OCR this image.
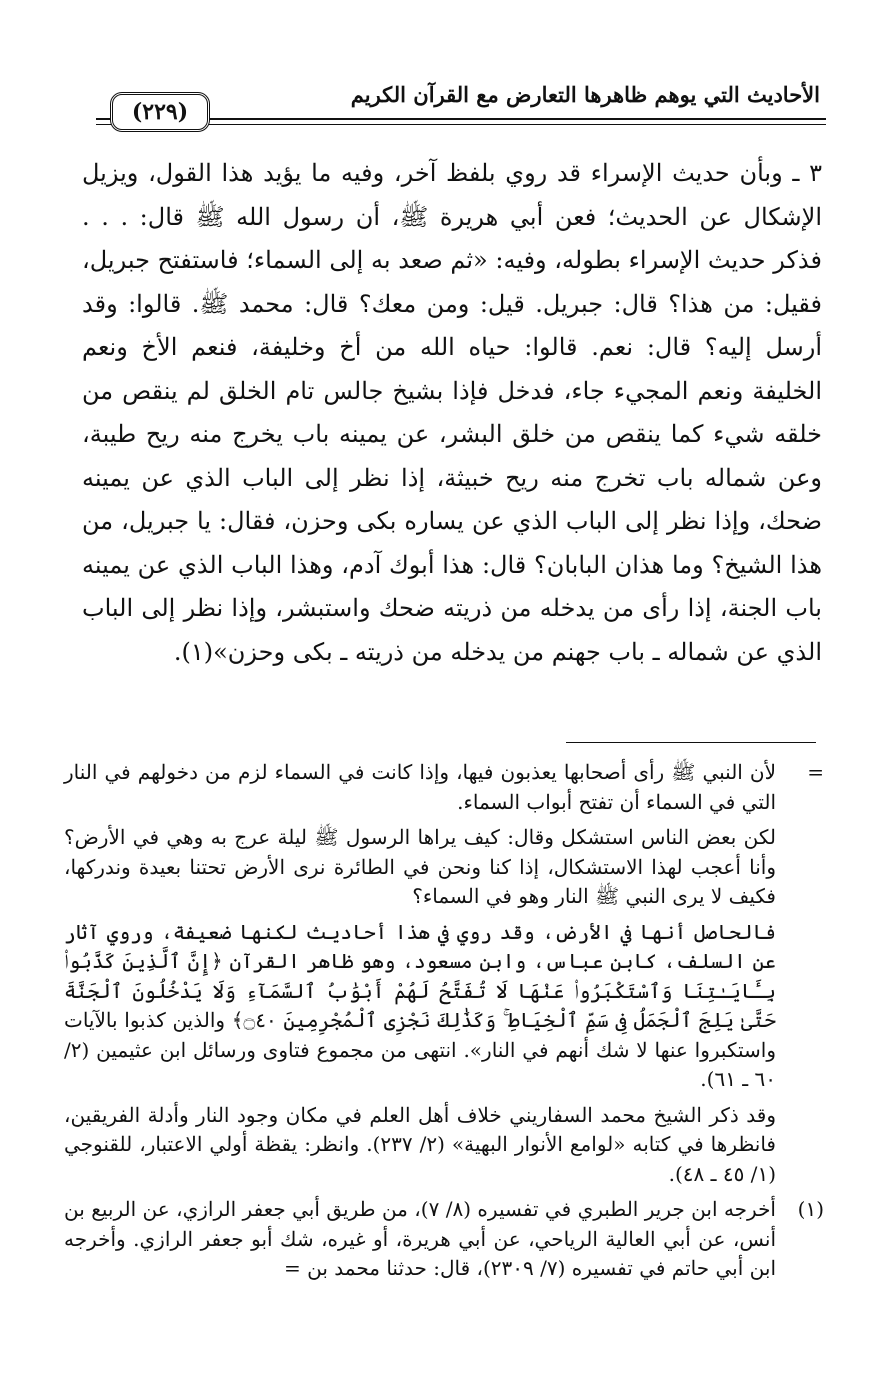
(٢٢٩)
الأحاديث التي يوهم ظاهرها التعارض مع القرآن الكريم

٣ ـ وبأن حديث الإسراء قد روي بلفظ آخر، وفيه ما يؤيد هذا القول، ويزيل الإشكال عن الحديث؛ فعن أبي هريرة ﷺ، أن رسول الله ﷺ قال: . . . فذكر حديث الإسراء بطوله، وفيه: «ثم صعد به إلى السماء؛ فاستفتح جبريل، فقيل: من هذا؟ قال: جبريل. قيل: ومن معك؟ قال: محمد ﷺ. قالوا: وقد أرسل إليه؟ قال: نعم. قالوا: حياه الله من أخ وخليفة، فنعم الأخ ونعم الخليفة ونعم المجيء جاء، فدخل فإذا بشيخ جالس تام الخلق لم ينقص من خلقه شيء كما ينقص من خلق البشر، عن يمينه باب يخرج منه ريح طيبة، وعن شماله باب تخرج منه ريح خبيثة، إذا نظر إلى الباب الذي عن يمينه ضحك، وإذا نظر إلى الباب الذي عن يساره بكى وحزن، فقال: يا جبريل، من هذا الشيخ؟ وما هذان البابان؟ قال: هذا أبوك آدم، وهذا الباب الذي عن يمينه باب الجنة، إذا رأى من يدخله من ذريته ضحك واستبشر، وإذا نظر إلى الباب الذي عن شماله ـ باب جهنم من يدخله من ذريته ـ بكى وحزن»(١).

=

لأن النبي ﷺ رأى أصحابها يعذبون فيها، وإذا كانت في السماء لزم من دخولهم في النار التي في السماء أن تفتح أبواب السماء.

لكن بعض الناس استشكل وقال: كيف يراها الرسول ﷺ ليلة عرج به وهي في الأرض؟ وأنا أعجب لهذا الاستشكال، إذا كنا ونحن في الطائرة نرى الأرض تحتنا بعيدة وندركها، فكيف لا يرى النبي ﷺ النار وهو في السماء؟

فالحاصل أنها في الأرض، وقد روي في هذا أحاديث لكنها ضعيفة، وروي آثار عن السلف، كابن عباس، وابن مسعود، وهو ظاهر القرآن ﴿إِنَّ ٱلَّذِينَ كَذَّبُوا۟ بِـَٔايَـٰتِنَا وَٱسْتَكْبَرُوا۟ عَنْهَا لَا تُفَتَّحُ لَهُمْ أَبْوَٰبُ ٱلسَّمَآءِ وَلَا يَدْخُلُونَ ٱلْجَنَّةَ حَتَّىٰ يَلِجَ ٱلْجَمَلُ فِى سَمِّ ٱلْخِيَاطِ ۚ وَكَذَٰلِكَ نَجْزِى ٱلْمُجْرِمِينَ ۝٤٠﴾ والذين كذبوا بالآيات واستكبروا عنها لا شك أنهم في النار». انتهى من مجموع فتاوى ورسائل ابن عثيمين (٢/ ٦٠ ـ ٦١).

وقد ذكر الشيخ محمد السفاريني خلاف أهل العلم في مكان وجود النار وأدلة الفريقين، فانظرها في كتابه «لوامع الأنوار البهية» (٢/ ٢٣٧). وانظر: يقظة أولي الاعتبار، للقنوجي (١/ ٤٥ ـ ٤٨).

(١)

أخرجه ابن جرير الطبري في تفسيره (٨/ ٧)، من طريق أبي جعفر الرازي، عن الربيع بن أنس، عن أبي العالية الرياحي، عن أبي هريرة، أو غيره، شك أبو جعفر الرازي. وأخرجه ابن أبي حاتم في تفسيره (٧/ ٢٣٠٩)، قال: حدثنا محمد بن =
